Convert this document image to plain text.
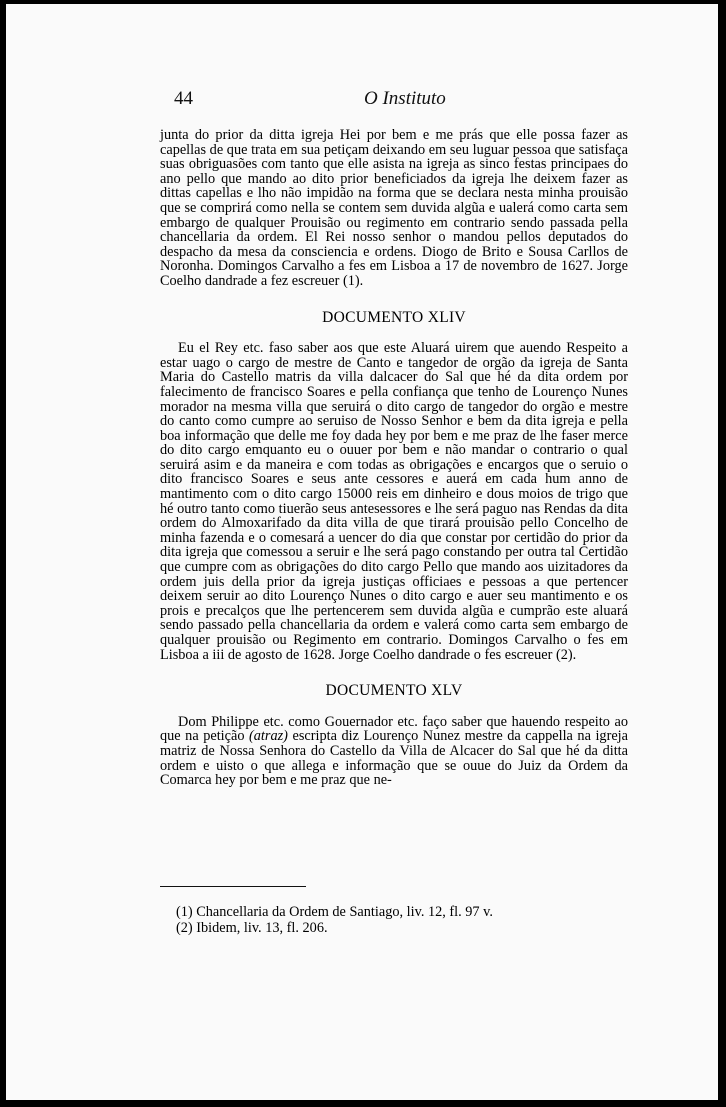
44	O Instituto

junta do prior da ditta igreja Hei por bem e me prás que elle possa fazer as capellas de que trata em sua petiçam deixando em seu luguar pessoa que satisfaça suas obriguasões com tanto que elle asista na igreja as sinco festas principaes do ano pello que mando ao dito prior beneficiados da igreja lhe deixem fazer as dittas capellas e lho não impidão na forma que se declara nesta minha prouisão que se comprirá como nella se contem sem duvida algũa e ualerá como carta sem embargo de qualquer Prouisão ou regimento em contrario sendo passada pella chancellaria da ordem. El Rei nosso senhor o mandou pellos deputados do despacho da mesa da consciencia e ordens. Diogo de Brito e Sousa Carllos de Noronha. Domingos Carvalho a fes em Lisboa a 17 de novembro de 1627. Jorge Coelho dandrade a fez escreuer (1).

DOCUMENTO XLIV

Eu el Rey etc. faso saber aos que este Aluará uirem que auendo Respeito a estar uago o cargo de mestre de Canto e tangedor de orgão da igreja de Santa Maria do Castello matris da villa dalcacer do Sal que hé da dita ordem por falecimento de francisco Soares e pella confiança que tenho de Lourenço Nunes morador na mesma villa que seruirá o dito cargo de tangedor do orgão e mestre do canto como cumpre ao seruiso de Nosso Senhor e bem da dita igreja e pella boa informação que delle me foy dada hey por bem e me praz de lhe faser merce do dito cargo emquanto eu o ouuer por bem e não mandar o contrario o qual seruirá asim e da maneira e com todas as obrigações e encargos que o seruio o dito francisco Soares e seus ante cessores e auerá em cada hum anno de mantimento com o dito cargo 15000 reis em dinheiro e dous moios de trigo que hé outro tanto como tiuerão seus antesessores e lhe será paguo nas Rendas da dita ordem do Almoxarifado da dita villa de que tirará prouisão pello Concelho de minha fazenda e o comesará a uencer do dia que constar por certidão do prior da dita igreja que comessou a seruir e lhe será pago constando per outra tal Certidão que cumpre com as obrigações do dito cargo Pello que mando aos uizitadores da ordem juis della prior da igreja justiças officiaes e pessoas a que pertencer deixem seruir ao dito Lourenço Nunes o dito cargo e auer seu mantimento e os prois e precalços que lhe pertencerem sem duvida algũa e cumprão este aluará sendo passado pella chancellaria da ordem e valerá como carta sem embargo de qualquer prouisão ou Regimento em contrario. Domingos Carvalho o fes em Lisboa a iii de agosto de 1628. Jorge Coelho dandrade o fes escreuer (2).

DOCUMENTO XLV

Dom Philippe etc. como Gouernador etc. faço saber que hauendo respeito ao que na petição (atraz) escripta diz Lourenço Nunez mestre da cappella na igreja matriz de Nossa Senhora do Castello da Villa de Alcacer do Sal que hé da ditta ordem e uisto o que allega e informação que se ouue do Juiz da Ordem da Comarca hey por bem e me praz que ne-

(1) Chancellaria da Ordem de Santiago, liv. 12, fl. 97 v.
(2) Ibidem, liv. 13, fl. 206.
